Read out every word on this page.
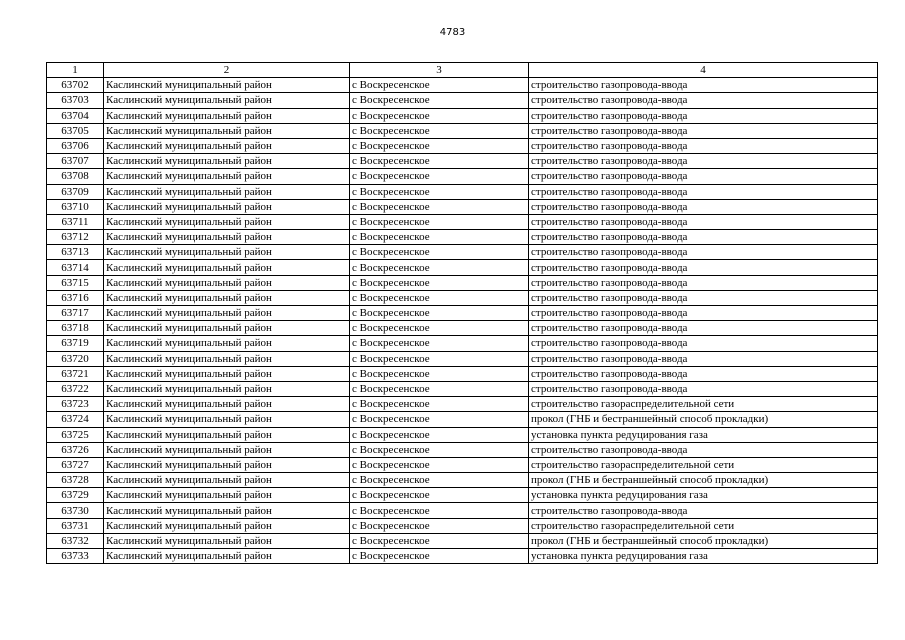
4783
1	2	3	4
63702	Каслинский муниципальный район	с Воскресенское	строительство газопровода-ввода
63703	Каслинский муниципальный район	с Воскресенское	строительство газопровода-ввода
63704	Каслинский муниципальный район	с Воскресенское	строительство газопровода-ввода
63705	Каслинский муниципальный район	с Воскресенское	строительство газопровода-ввода
63706	Каслинский муниципальный район	с Воскресенское	строительство газопровода-ввода
63707	Каслинский муниципальный район	с Воскресенское	строительство газопровода-ввода
63708	Каслинский муниципальный район	с Воскресенское	строительство газопровода-ввода
63709	Каслинский муниципальный район	с Воскресенское	строительство газопровода-ввода
63710	Каслинский муниципальный район	с Воскресенское	строительство газопровода-ввода
63711	Каслинский муниципальный район	с Воскресенское	строительство газопровода-ввода
63712	Каслинский муниципальный район	с Воскресенское	строительство газопровода-ввода
63713	Каслинский муниципальный район	с Воскресенское	строительство газопровода-ввода
63714	Каслинский муниципальный район	с Воскресенское	строительство газопровода-ввода
63715	Каслинский муниципальный район	с Воскресенское	строительство газопровода-ввода
63716	Каслинский муниципальный район	с Воскресенское	строительство газопровода-ввода
63717	Каслинский муниципальный район	с Воскресенское	строительство газопровода-ввода
63718	Каслинский муниципальный район	с Воскресенское	строительство газопровода-ввода
63719	Каслинский муниципальный район	с Воскресенское	строительство газопровода-ввода
63720	Каслинский муниципальный район	с Воскресенское	строительство газопровода-ввода
63721	Каслинский муниципальный район	с Воскресенское	строительство газопровода-ввода
63722	Каслинский муниципальный район	с Воскресенское	строительство газопровода-ввода
63723	Каслинский муниципальный район	с Воскресенское	строительство газораспределительной сети
63724	Каслинский муниципальный район	с Воскресенское	прокол (ГНБ и бестраншейный способ прокладки)
63725	Каслинский муниципальный район	с Воскресенское	установка пункта редуцирования газа
63726	Каслинский муниципальный район	с Воскресенское	строительство газопровода-ввода
63727	Каслинский муниципальный район	с Воскресенское	строительство газораспределительной сети
63728	Каслинский муниципальный район	с Воскресенское	прокол (ГНБ и бестраншейный способ прокладки)
63729	Каслинский муниципальный район	с Воскресенское	установка пункта редуцирования газа
63730	Каслинский муниципальный район	с Воскресенское	строительство газопровода-ввода
63731	Каслинский муниципальный район	с Воскресенское	строительство газораспределительной сети
63732	Каслинский муниципальный район	с Воскресенское	прокол (ГНБ и бестраншейный способ прокладки)
63733	Каслинский муниципальный район	с Воскресенское	установка пункта редуцирования газа
